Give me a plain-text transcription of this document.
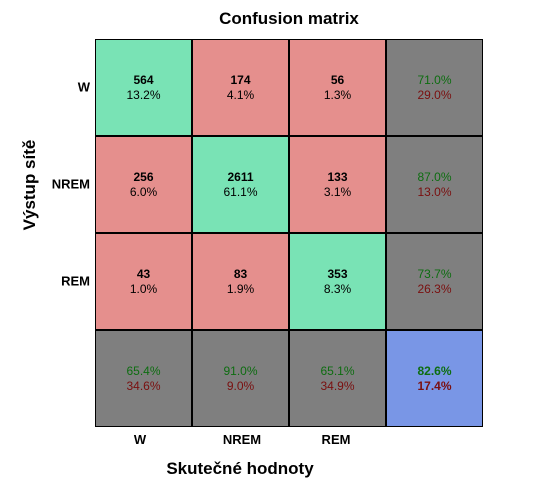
Confusion matrix
Výstup sítě
Skutečné hodnoty
W
NREM
REM
W	NREM	REM
564
13.2%
174
4.1%
56
1.3%
71.0%
29.0%
256
6.0%
2611
61.1%
133
3.1%
87.0%
13.0%
43
1.0%
83
1.9%
353
8.3%
73.7%
26.3%
65.4%
34.6%
91.0%
9.0%
65.1%
34.9%
82.6%
17.4%
